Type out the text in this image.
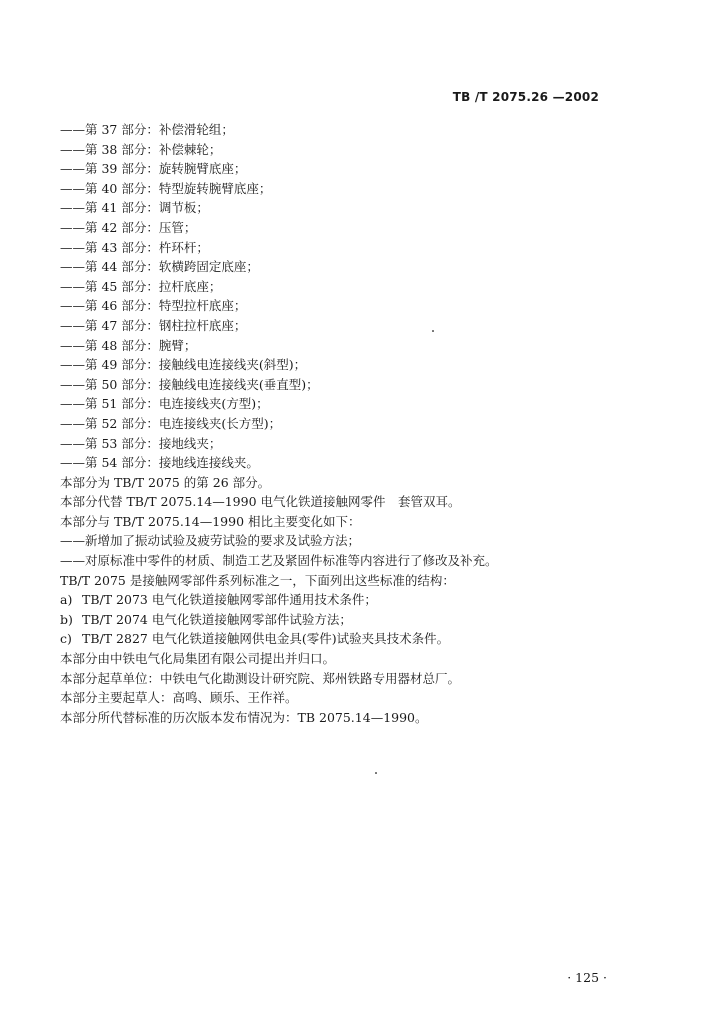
TB /T 2075.26 —2002
——第 37 部分：补偿滑轮组；
——第 38 部分：补偿棘轮；
——第 39 部分：旋转腕臂底座；
——第 40 部分：特型旋转腕臂底座；
——第 41 部分：调节板；
——第 42 部分：压管；
——第 43 部分：杵环杆；
——第 44 部分：软横跨固定底座；
——第 45 部分：拉杆底座；
——第 46 部分：特型拉杆底座；
——第 47 部分：钢柱拉杆底座；
——第 48 部分：腕臂；
——第 49 部分：接触线电连接线夹(斜型)；
——第 50 部分：接触线电连接线夹(垂直型)；
——第 51 部分：电连接线夹(方型)；
——第 52 部分：电连接线夹(长方型)；
——第 53 部分：接地线夹；
——第 54 部分：接地线连接线夹。
本部分为 TB/T 2075 的第 26 部分。
本部分代替 TB/T 2075.14—1990 电气化铁道接触网零件　套管双耳。
本部分与 TB/T 2075.14—1990 相比主要变化如下：
——新增加了振动试验及疲劳试验的要求及试验方法；
——对原标准中零件的材质、制造工艺及紧固件标准等内容进行了修改及补充。
TB/T 2075 是接触网零部件系列标准之一，下面列出这些标准的结构：
a) TB/T 2073 电气化铁道接触网零部件通用技术条件；
b) TB/T 2074 电气化铁道接触网零部件试验方法；
c) TB/T 2827 电气化铁道接触网供电金具(零件)试验夹具技术条件。
本部分由中铁电气化局集团有限公司提出并归口。
本部分起草单位：中铁电气化勘测设计研究院、郑州铁路专用器材总厂。
本部分主要起草人：高鸣、顾乐、王作祥。
本部分所代替标准的历次版本发布情况为：TB 2075.14—1990。
· 125 ·
